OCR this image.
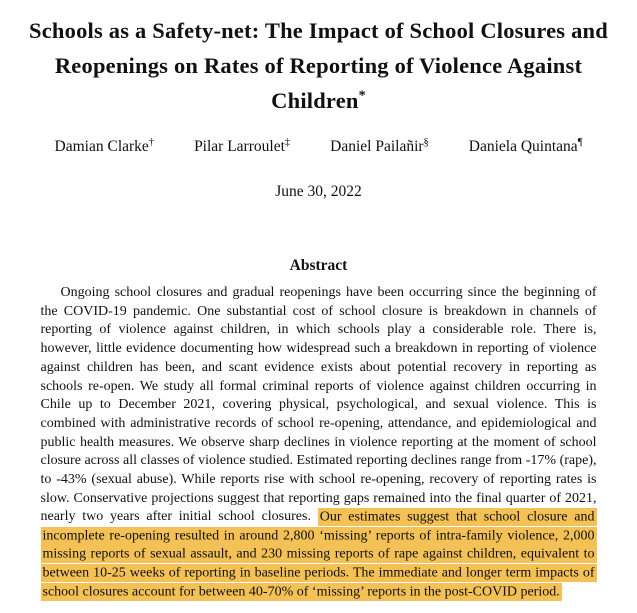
Schools as a Safety-net: The Impact of School Closures and Reopenings on Rates of Reporting of Violence Against Children*
Damian Clarke†	Pilar Larroulet‡	Daniel Pailañir§	Daniela Quintana¶
June 30, 2022
Abstract

Ongoing school closures and gradual reopenings have been occurring since the beginning of the COVID-19 pandemic. One substantial cost of school closure is breakdown in channels of reporting of violence against children, in which schools play a considerable role. There is, however, little evidence documenting how widespread such a breakdown in reporting of violence against children has been, and scant evidence exists about potential recovery in reporting as schools re-open. We study all formal criminal reports of violence against children occurring in Chile up to December 2021, covering physical, psychological, and sexual violence. This is combined with administrative records of school re-opening, attendance, and epidemiological and public health measures. We observe sharp declines in violence reporting at the moment of school closure across all classes of violence studied. Estimated reporting declines range from -17% (rape), to -43% (sexual abuse). While reports rise with school re-opening, recovery of reporting rates is slow. Conservative projections suggest that reporting gaps remained into the final quarter of 2021, nearly two years after initial school closures. Our estimates suggest that school closure and incomplete re-opening resulted in around 2,800 ‘missing’ reports of intra-family violence, 2,000 missing reports of sexual assault, and 230 missing reports of rape against children, equivalent to between 10-25 weeks of reporting in baseline periods. The immediate and longer term impacts of school closures account for between 40-70% of ‘missing’ reports in the post-COVID period.
